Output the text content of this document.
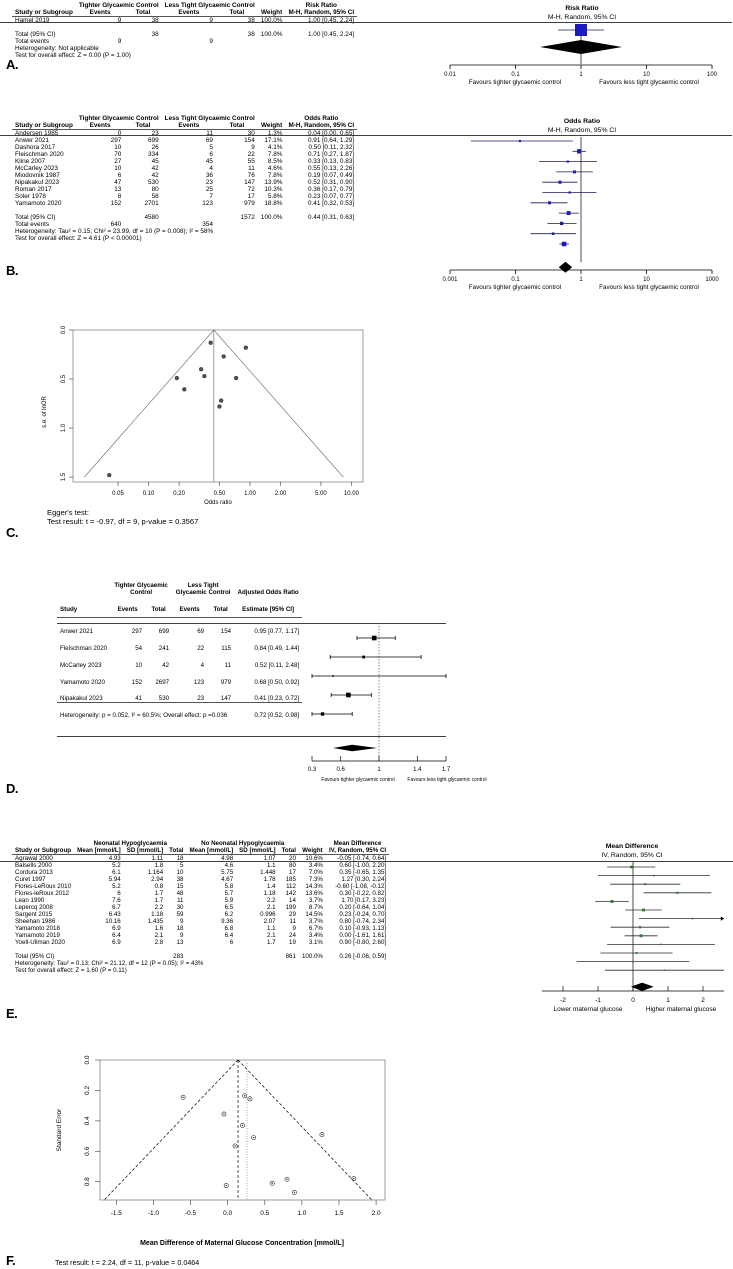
A.
	Tighter Glycaemic Control		Less Tight Glycaemic Control			Risk Ratio
Study or Subgroup	Events	Total	Events	Total	Weight	M-H, Random, 95% CI
Hamel 2019	9	38	9	38	100.0%	1.00 [0.45, 2.24]

Total (95% CI)		38		38	100.0%	1.00 [0.45, 2.24]
Total events	9		9			
Heterogeneity: Not applicable						
Test for overall effect: Z = 0.00 (P = 1.00)						
Risk Ratio
M-H, Random, 95% CI
0.01	0.1	1	10	100
Favours tighter glycaemic control	Favours less tight glycaemic control
B.
	Tighter Glycaemic Control		Less Tight Glycaemic Control			Odds Ratio
Study or Subgroup	Events	Total	Events	Total	Weight	M-H, Random, 95% CI
Andersen 1985	0	23	11	30	1.3%	0.04 [0.00, 0.65]
Anwer 2021	297	699	69	154	17.1%	0.91 [0.64, 1.29]
Dashora 2017	10	26	5	9	4.1%	0.50 [0.11, 2.32]
Fleischman 2020	70	334	6	22	7.8%	0.71 [0.27, 1.87]
Kline 2007	27	45	45	55	8.5%	0.33 [0.13, 0.83]
McCarley 2023	10	42	4	11	4.6%	0.55 [0.13, 2.26]
Miodovnik 1987	6	42	36	76	7.8%	0.19 [0.07, 0.49]
Nipakakul 2023	47	530	23	147	13.9%	0.52 [0.31, 0.90]
Roman 2017	13	80	25	72	10.3%	0.36 [0.17, 0.79]
Soler 1978	8	58	7	17	5.8%	0.23 [0.07, 0.77]
Yamamoto 2020	152	2701	123	979	18.8%	0.41 [0.32, 0.53]

Total (95% CI)		4580		1572	100.0%	0.44 [0.31, 0.63]
Total events	640		354			
Heterogeneity: Tau² = 0.15; Chi² = 23.99, df = 10 (P = 0.008); I² = 58%						
Test for overall effect: Z = 4.61 (P < 0.00001)						
Odds Ratio
M-H, Random, 95% CI
0.001	0.1	1	10	1000
Favours tighter glycaemic control	Favours less tight glycaemic control
C.
0.05	0.10	0.20	0.50	1.00	2.00	5.00	10.00
0.0
0.5
1.0
1.5
s.e. of lnOR
Odds ratio
Egger's test:
Test result: t = -0.97, df = 9, p-value = 0.3567
D.
	Tighter Glycaemic Control		Less Tight Glycaemic Control		Adjusted Odds Ratio
Study	Events	Total	Events	Total	Estimate [95% CI]

Anwer 2021	297	699	69	154	0.95 [0.77, 1.17]
Fleischman 2020	54	241	22	115	0.84 [0.49, 1.44]
McCarley 2023	10	42	4	11	0.52 [0.11, 2.48]
Yamamoto 2020	152	2697	123	979	0.68 [0.50, 0.92]
Nipakakul 2023	41	530	23	147	0.41 [0.23, 0.72]

Heterogeneity: p = 0.052, I² = 60.5%; Overall effect: p =0.036					0.72 [0.52, 0.98]
0.3	0.6	1	1.4	1.7
Favours tighter glycaemic control	Favours less tight glycaemic control
E.
	Neonatal Hypoglycaemia			No Neonatal Hypoglycaemia				Mean Difference
Study or Subgroup	Mean [mmol/L]	SD [mmol/L]	Total	Mean [mmol/L]	SD [mmol/L]	Total	Weight	IV, Random, 95% CI
Agrawal 2000	4.93	1.11	18	4.98	1.07	20	10.6%	-0.05 [-0.74, 0.64]
Balsells 2000	5.2	1.8	5	4.6	1.1	80	3.4%	0.60 [-1.00, 2.20]
Cordura 2013	6.1	1.164	10	5.75	1.448	17	7.0%	0.35 [-0.65, 1.35]
Curet 1997	5.94	2.94	38	4.67	1.78	185	7.3%	1.27 [0.30, 2.24]
Flores-LeRoux 2010	5.2	0.8	15	5.8	1.4	112	14.3%	-0.60 [-1.08, -0.12]
Flores-leRoux 2012	6	1.7	48	5.7	1.18	142	13.6%	0.30 [-0.22, 0.82]
Lean 1990	7.6	1.7	11	5.9	2.2	14	3.7%	1.70 [0.17, 3.23]
Lepercq 2008	6.7	2.2	30	6.5	2.1	199	8.7%	0.20 [-0.64, 1.04]
Sargent 2015	6.43	1.18	59	6.2	0.996	29	14.5%	0.23 [-0.24, 0.70]
Sheehan 1986	10.16	1.435	9	9.36	2.07	11	3.7%	0.80 [-0.74, 2.34]
Yamamoto 2018	6.9	1.6	18	6.8	1.1	9	6.7%	0.10 [-0.93, 1.13]
Yamamoto 2019	6.4	2.1	9	6.4	2.1	24	3.4%	0.00 [-1.61, 1.61]
Yoell-Ullman 2020	6.9	2.8	13	6	1.7	19	3.1%	0.90 [-0.80, 2.60]

Total (95% CI)			283			861	100.0%	0.26 [-0.06, 0.59]
Heterogeneity: Tau² = 0.13; Chi² = 21.12, df = 12 (P = 0.05); I² = 43%								
Test for overall effect: Z = 1.60 (P = 0.11)								
Mean Difference
IV, Random, 95% CI
-2	-1	0	1	2
Lower maternal glucose	Higher maternal glucose
F.
-1.5	-1.0	-0.5	0.0	0.5	1.0	1.5	2.0
0.0
0.2
0.4
0.6
0.8
Standard Error
Mean Difference of Maternal Glucose Concentration [mmol/L]
Test result: t = 2.24, df = 11, p-value = 0.0464
